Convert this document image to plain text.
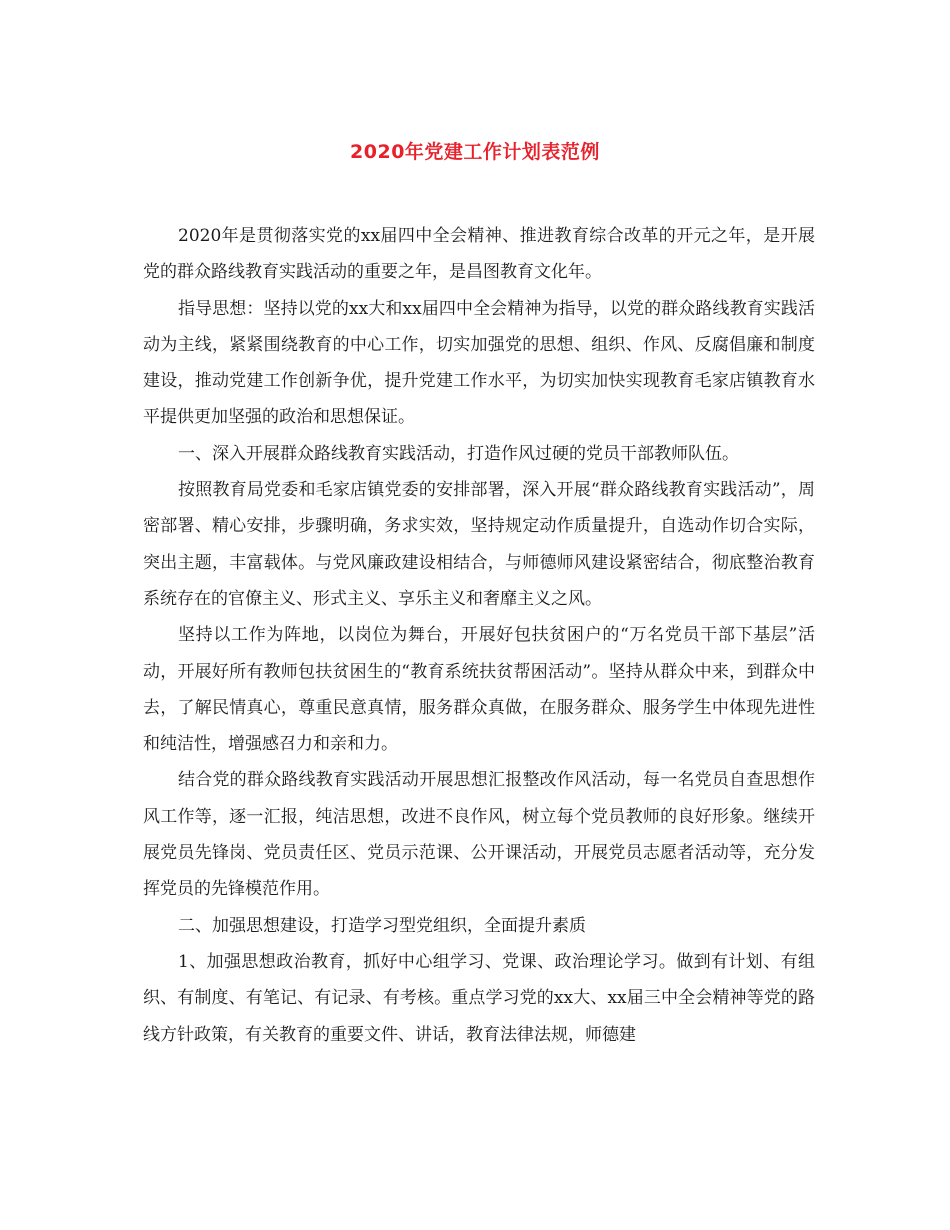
2020年党建工作计划表范例

2020年是贯彻落实党的xx届四中全会精神、推进教育综合改革的开元之年，是开展党的群众路线教育实践活动的重要之年，是昌图教育文化年。

指导思想：坚持以党的xx大和xx届四中全会精神为指导，以党的群众路线教育实践活动为主线，紧紧围绕教育的中心工作，切实加强党的思想、组织、作风、反腐倡廉和制度建设，推动党建工作创新争优，提升党建工作水平，为切实加快实现教育毛家店镇教育水平提供更加坚强的政治和思想保证。

一、深入开展群众路线教育实践活动，打造作风过硬的党员干部教师队伍。

按照教育局党委和毛家店镇党委的安排部署，深入开展“群众路线教育实践活动”，周密部署、精心安排，步骤明确，务求实效，坚持规定动作质量提升，自选动作切合实际，突出主题，丰富载体。与党风廉政建设相结合，与师德师风建设紧密结合，彻底整治教育系统存在的官僚主义、形式主义、享乐主义和奢靡主义之风。

坚持以工作为阵地，以岗位为舞台，开展好包扶贫困户的“万名党员干部下基层”活动，开展好所有教师包扶贫困生的“教育系统扶贫帮困活动”。坚持从群众中来，到群众中去，了解民情真心，尊重民意真情，服务群众真做，在服务群众、服务学生中体现先进性和纯洁性，增强感召力和亲和力。

结合党的群众路线教育实践活动开展思想汇报整改作风活动，每一名党员自查思想作风工作等，逐一汇报，纯洁思想，改进不良作风，树立每个党员教师的良好形象。继续开展党员先锋岗、党员责任区、党员示范课、公开课活动，开展党员志愿者活动等，充分发挥党员的先锋模范作用。

二、加强思想建设，打造学习型党组织，全面提升素质

1、加强思想政治教育，抓好中心组学习、党课、政治理论学习。做到有计划、有组织、有制度、有笔记、有记录、有考核。重点学习党的xx大、xx届三中全会精神等党的路线方针政策，有关教育的重要文件、讲话，教育法律法规，师德建
